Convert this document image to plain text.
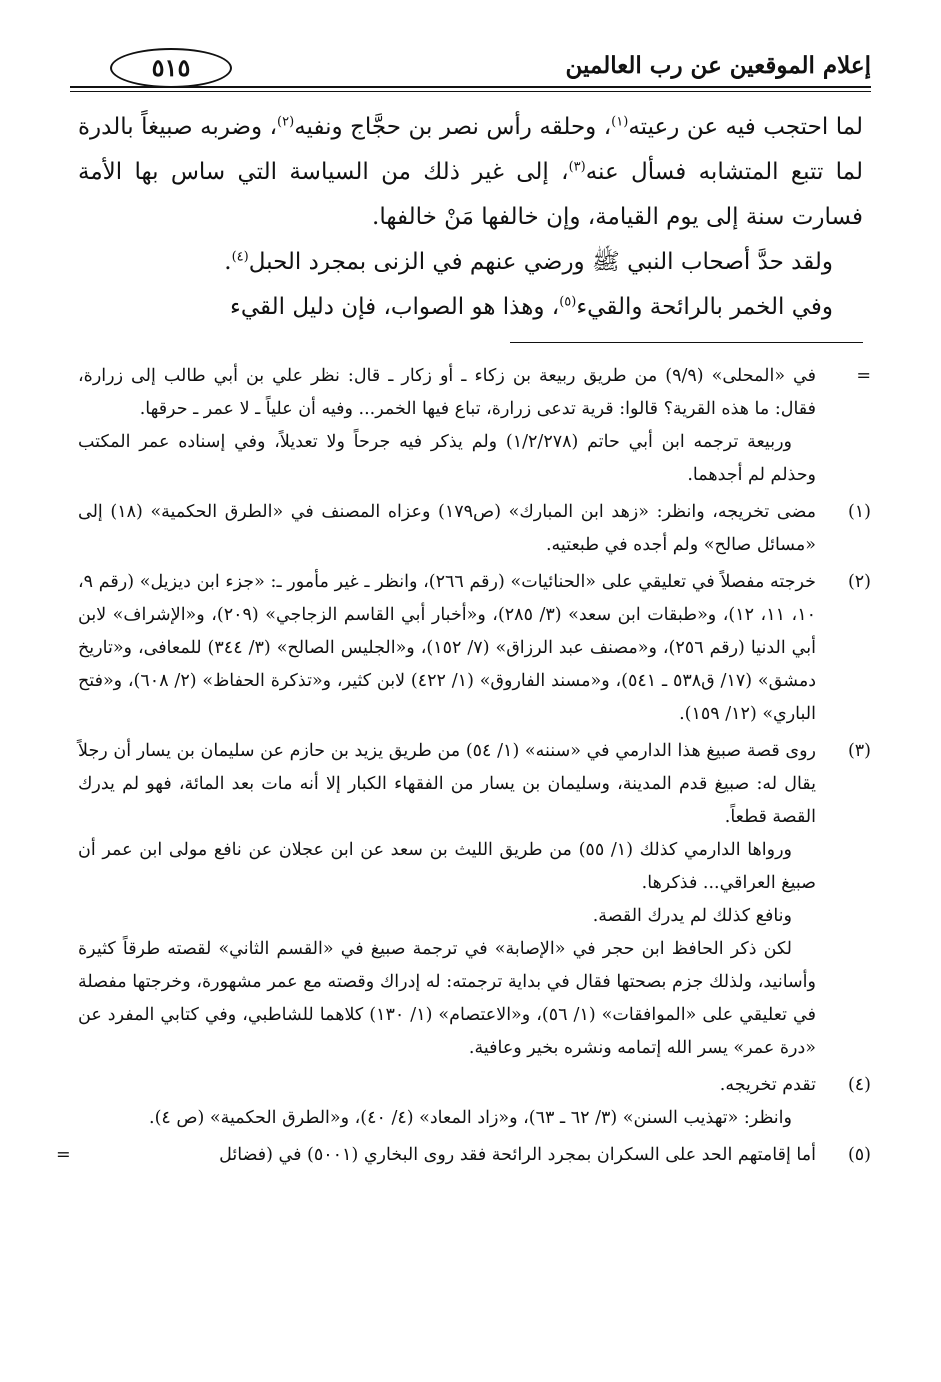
إعلام الموقعين عن رب العالمين
٥١٥

لما احتجب فيه عن رعيته$^{(١)}$، وحلقه رأس نصر بن حجَّاج ونفيه$^{(٢)}$، وضربه صبيغاً بالدرة لما تتبع المتشابه فسأل عنه$^{(٣)}$، إلى غير ذلك من السياسة التي ساس بها الأمة فسارت سنة إلى يوم القيامة، وإن خالفها مَنْ خالفها.

ولقد حدَّ أصحاب النبي ﷺ ورضي عنهم في الزنى بمجرد الحبل$^{(٤)}$.

وفي الخمر بالرائحة والقيء$^{(٥)}$، وهذا هو الصواب، فإن دليل القيء

=

في «المحلى» (٩/٩) من طريق ربيعة بن زكاء ـ أو زكار ـ قال: نظر علي بن أبي طالب إلى زرارة، فقال: ما هذه القرية؟ قالوا: قرية تدعى زرارة، تباع فيها الخمر... وفيه أن علياً ـ لا عمر ـ حرقها.

وربيعة ترجمه ابن أبي حاتم (١/٢/٢٧٨) ولم يذكر فيه جرحاً ولا تعديلاً، وفي إسناده عمر المكتب وحذلم لم أجدهما.

(١)

مضى تخريجه، وانظر: «زهد ابن المبارك» (ص١٧٩) وعزاه المصنف في «الطرق الحكمية» (١٨) إلى «مسائل صالح» ولم أجده في طبعتيه.

(٢)

خرجته مفصلاً في تعليقي على «الحنائيات» (رقم ٢٦٦)، وانظر ـ غير مأمور ـ: «جزء ابن ديزيل» (رقم ٩، ١٠، ١١، ١٢)، و«طبقات ابن سعد» (٣/ ٢٨٥)، و«أخبار أبي القاسم الزجاجي» (٢٠٩)، و«الإشراف» لابن أبي الدنيا (رقم ٢٥٦)، و«مصنف عبد الرزاق» (٧/ ١٥٢)، و«الجليس الصالح» (٣/ ٣٤٤) للمعافى، و«تاريخ دمشق» (١٧/ ق٥٣٨ ـ ٥٤١)، و«مسند الفاروق» (١/ ٤٢٢) لابن كثير، و«تذكرة الحفاظ» (٢/ ٦٠٨)، و«فتح الباري» (١٢/ ١٥٩).

(٣)

روى قصة صبيغ هذا الدارمي في «سننه» (١/ ٥٤) من طريق يزيد بن حازم عن سليمان بن يسار أن رجلاً يقال له: صبيغ قدم المدينة، وسليمان بن يسار من الفقهاء الكبار إلا أنه مات بعد المائة، فهو لم يدرك القصة قطعاً.

ورواها الدارمي كذلك (١/ ٥٥) من طريق الليث بن سعد عن ابن عجلان عن نافع مولى ابن عمر أن صبيغ العراقي... فذكرها.

ونافع كذلك لم يدرك القصة.

لكن ذكر الحافظ ابن حجر في «الإصابة» في ترجمة صبيغ في «القسم الثاني» لقصته طرقاً كثيرة وأسانيد، ولذلك جزم بصحتها فقال في بداية ترجمته: له إدراك وقصته مع عمر مشهورة، وخرجتها مفصلة في تعليقي على «الموافقات» (١/ ٥٦)، و«الاعتصام» (١/ ١٣٠) كلاهما للشاطبي، وفي كتابي المفرد عن «درة عمر» يسر الله إتمامه ونشره بخير وعافية.

(٤)

تقدم تخريجه.

وانظر: «تهذيب السنن» (٣/ ٦٢ ـ ٦٣)، و«زاد المعاد» (٤/ ٤٠)، و«الطرق الحكمية» (ص ٤).

(٥)

أما إقامتهم الحد على السكران بمجرد الرائحة فقد روى البخاري (٥٠٠١) في (فضائل
=
